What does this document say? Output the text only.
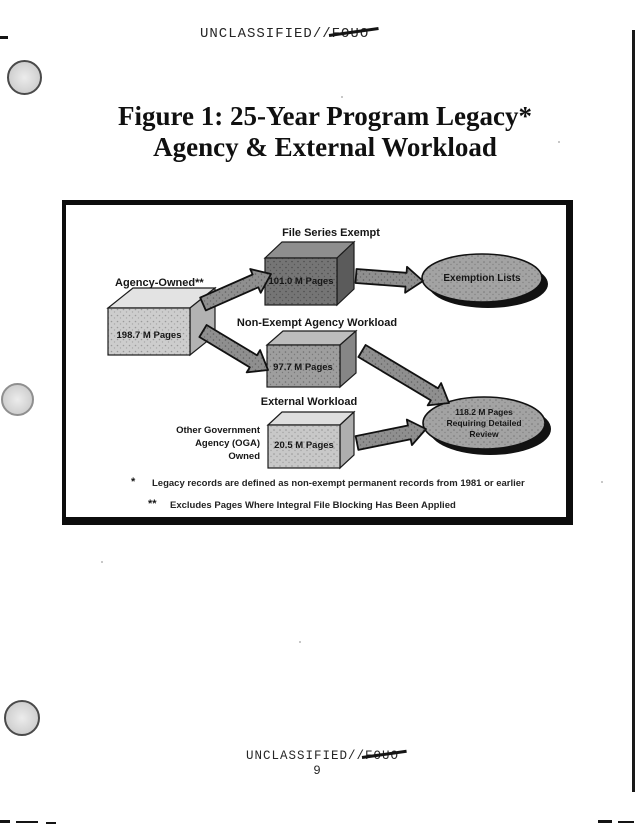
UNCLASSIFIED//FOUO
Figure 1: 25-Year Program Legacy*
Agency & External Workload
File Series Exempt
101.0 M Pages
Agency-Owned**
198.7 M Pages
Non-Exempt Agency Workload
97.7 M Pages
External Workload
20.5 M Pages
Other Government
Agency (OGA)
Owned
Exemption Lists
118.2 M Pages
Requiring Detailed
Review
* Legacy records are defined as non-exempt permanent records from 1981 or earlier
** Excludes Pages Where Integral File Blocking Has Been Applied
UNCLASSIFIED//FOUO
9
